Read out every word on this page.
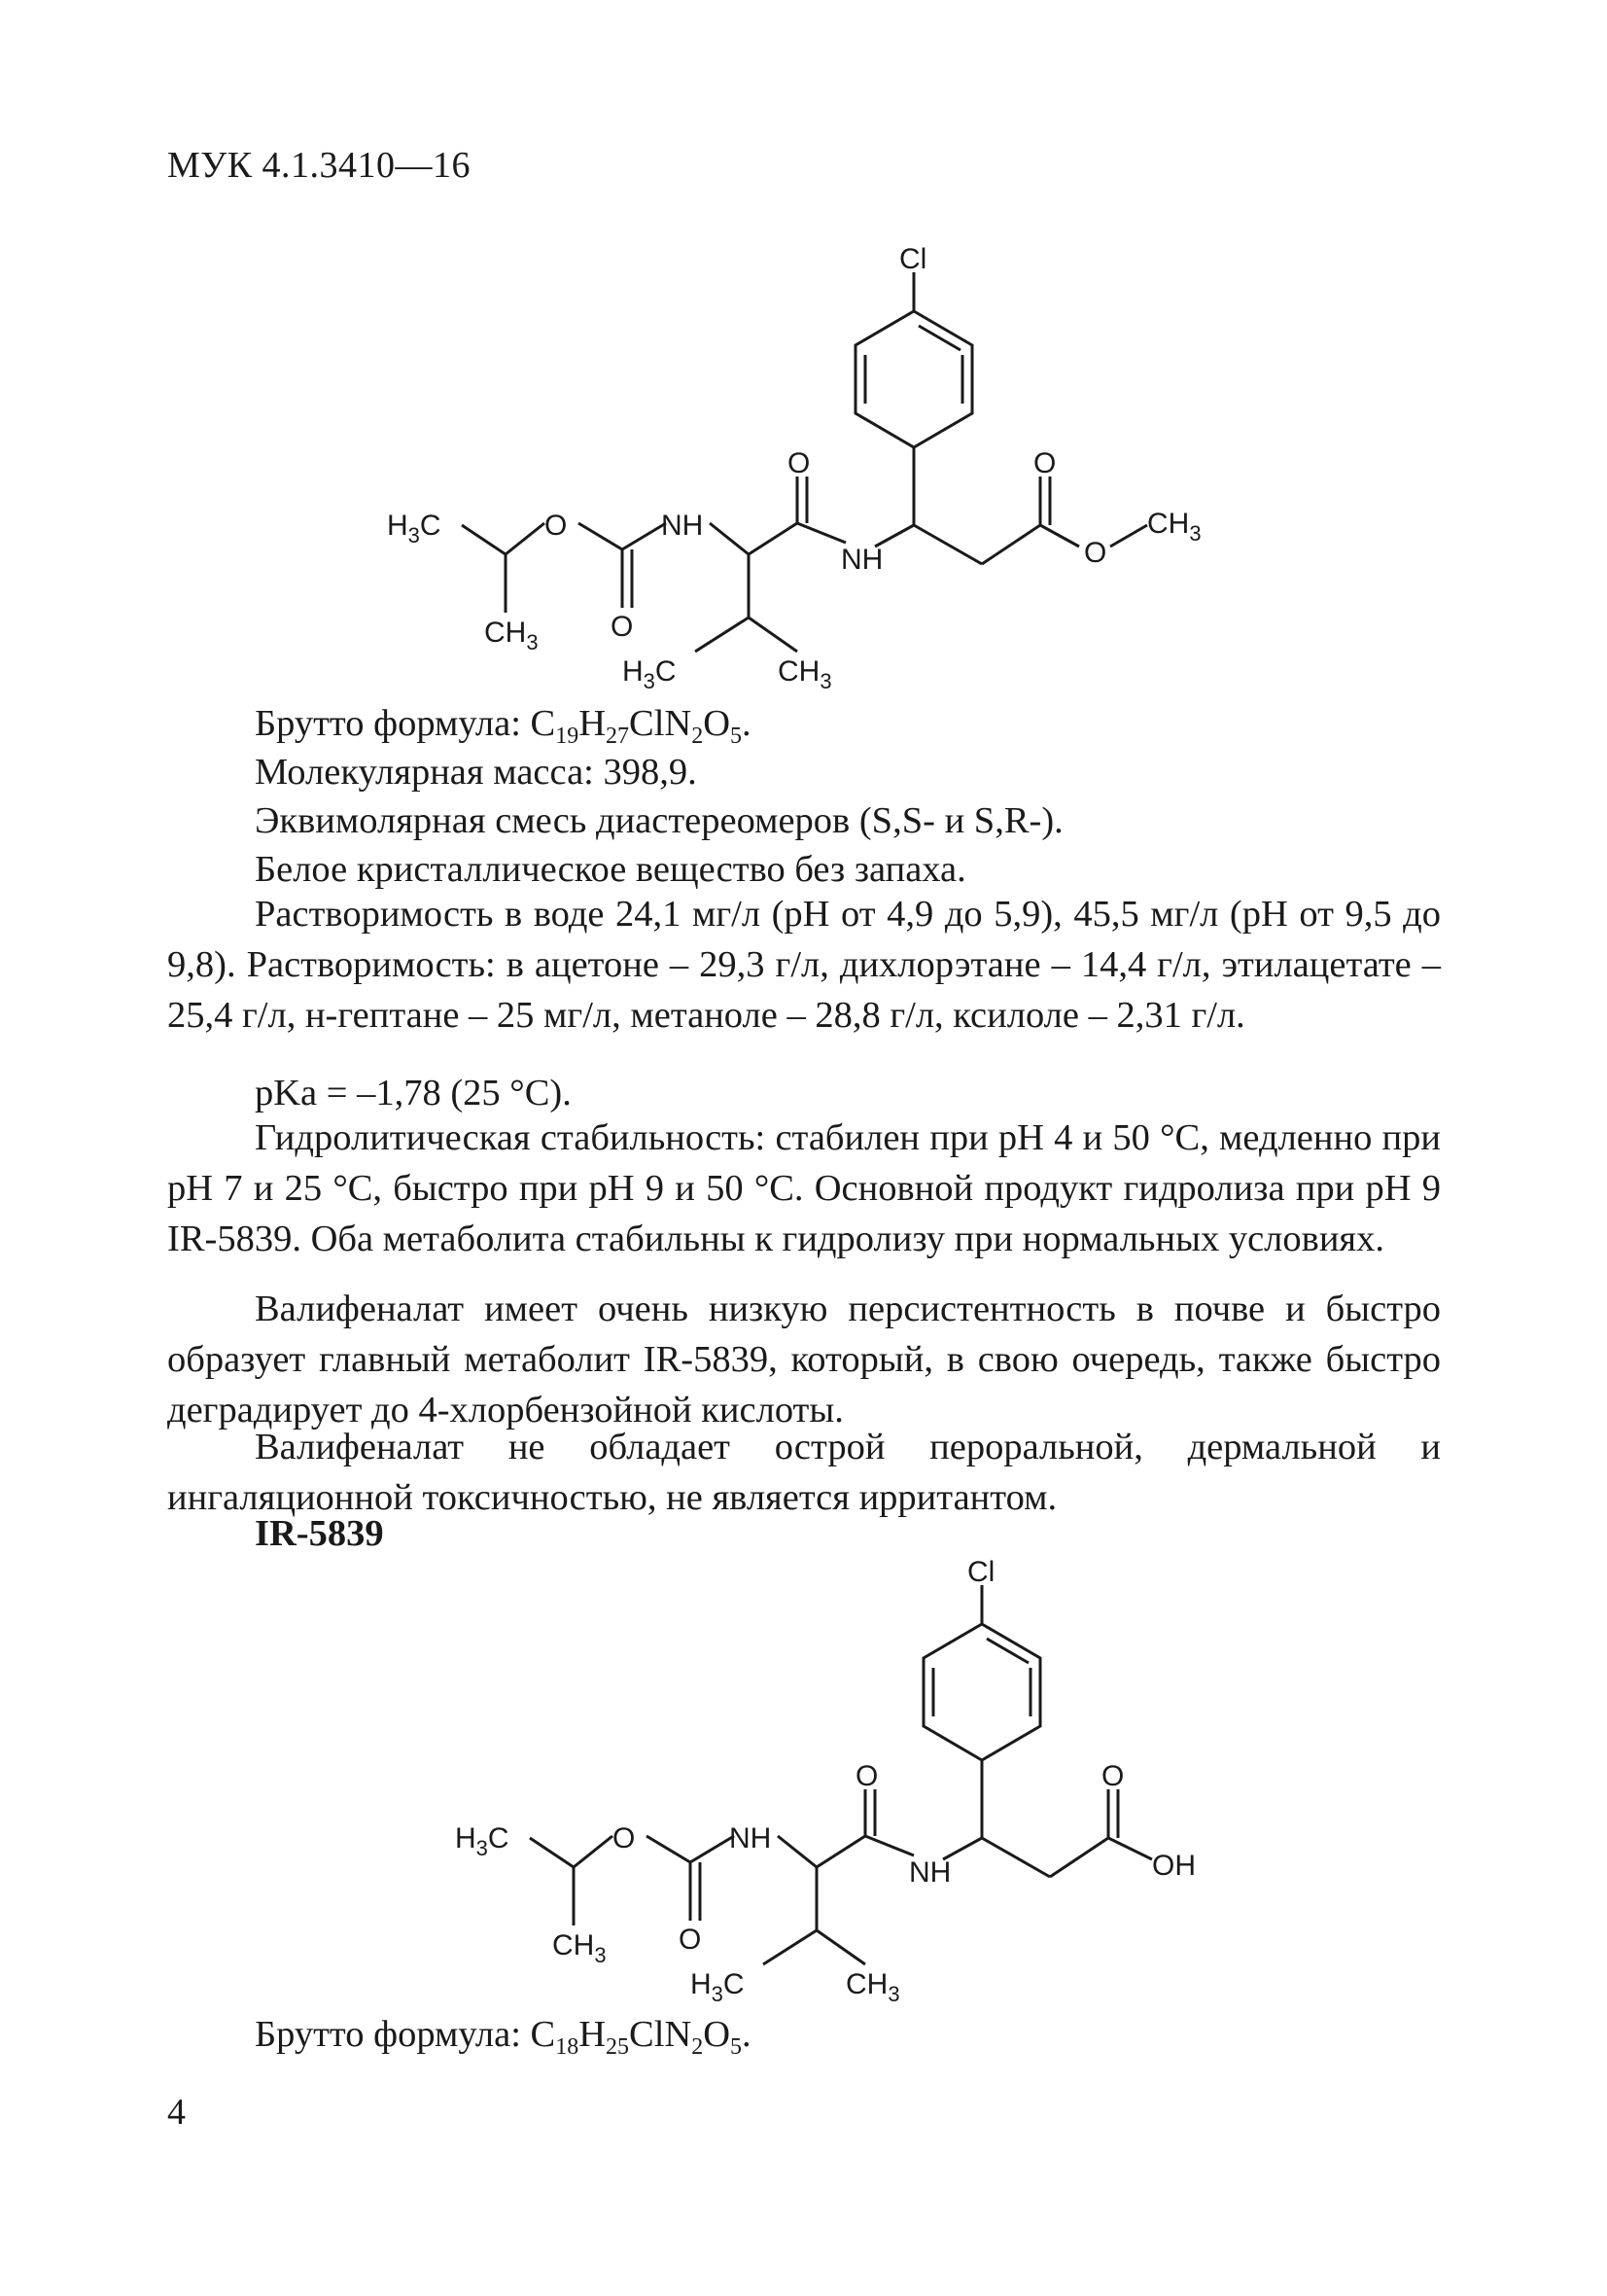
МУК 4.1.3410—16
Cl
O	O
NH	O
$CH_3$
NH
O
O
$H_3C$
$CH_3$
$H_3C$	$CH_3$
Брутто формула: $C_{19}H_{27}ClN_2O_5$.
Молекулярная масса: 398,9.
Эквимолярная смесь диастереомеров (S,S- и S,R-).
Белое кристаллическое вещество без запаха.

Растворимость в воде 24,1 мг/л (рН от 4,9 до 5,9), 45,5 мг/л (рН от 9,5 до 9,8). Растворимость: в ацетоне – 29,3 г/л, дихлорэтане – 14,4 г/л, этилацетате – 25,4 г/л, н-гептане – 25 мг/л, метаноле – 28,8 г/л, ксилоле – 2,31 г/л.

pKa = –1,78 (25 °С).

Гидролитическая стабильность: стабилен при рН 4 и 50 °С, медленно при рН 7 и 25 °С, быстро при рН 9 и 50 °С. Основной продукт гидролиза при рН 9 IR-5839. Оба метаболита стабильны к гидролизу при нормальных условиях.

Валифеналат имеет очень низкую персистентность в почве и быстро образует главный метаболит IR-5839, который, в свою очередь, также быстро деградирует до 4-хлорбензойной кислоты.

Валифеналат не обладает острой пероральной, дермальной и ингаляционной токсичностью, не является ирритантом.

IR-5839
Cl
O	O
NH	OH
NH
O
O
$H_3C$
$CH_3$
$H_3C$	$CH_3$
Брутто формула: $C_{18}H_{25}ClN_2O_5$.
4
